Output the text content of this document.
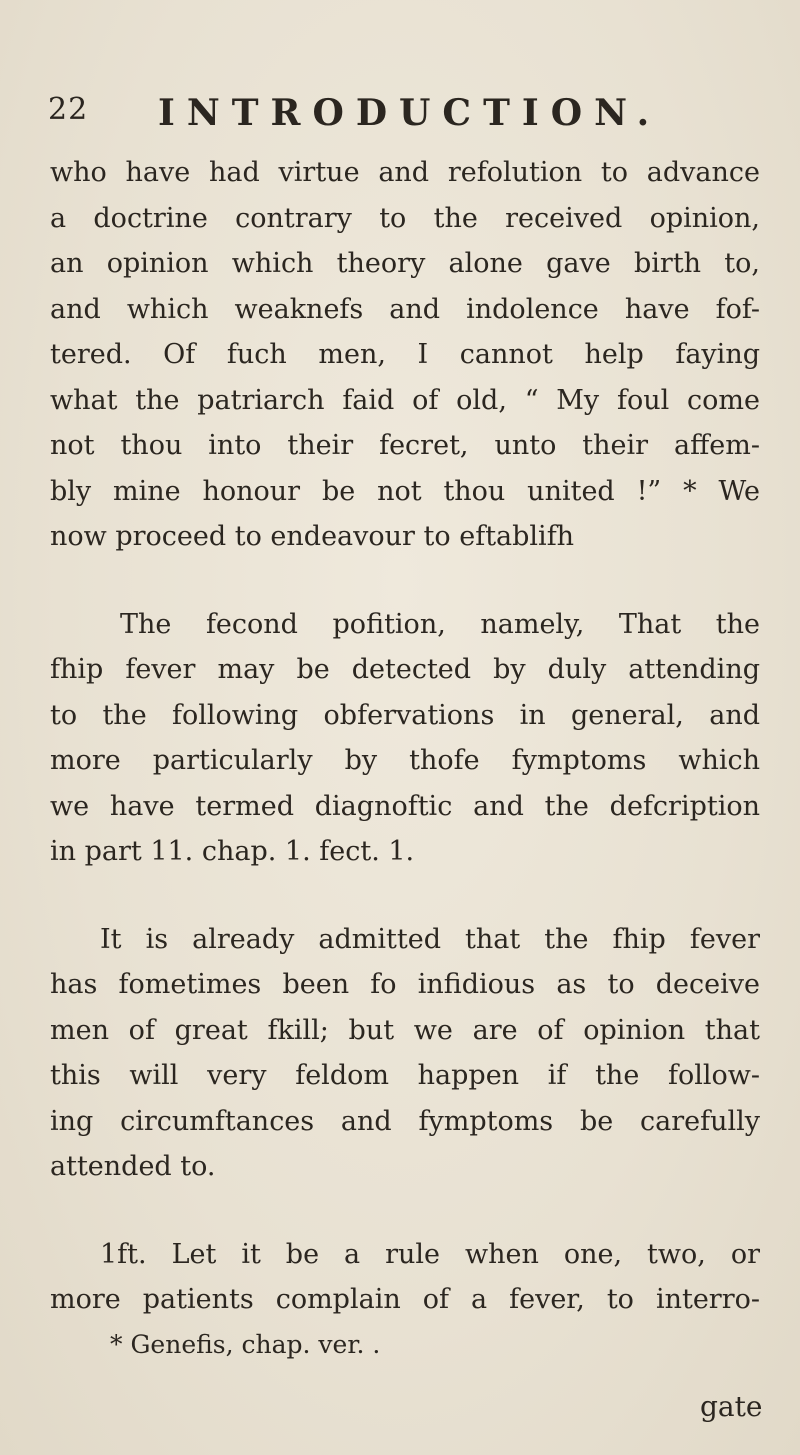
22 INTRODUCTION.
who have had virtue and refolution to advance
a doctrine contrary to the received opinion,
an opinion which theory alone gave birth to,
and which weaknefs and indolence have fof-
tered. Of fuch men, I cannot help faying
what the patriarch faid of old, “ My foul come
not thou into their fecret, unto their affem-
bly mine honour be not thou united !” * We
now proceed to endeavour to eftablifh
The fecond pofition, namely, That the
fhip fever may be detected by duly attending
to the following obfervations in general, and
more particularly by thofe fymptoms which
we have termed diagnoftic and the defcription
in part 11. chap. 1. fect. 1.
It is already admitted that the fhip fever
has fometimes been fo infidious as to deceive
men of great fkill; but we are of opinion that
this will very feldom happen if the follow-
ing circumftances and fymptoms be carefully
attended to.
1ft. Let it be a rule when one, two, or
more patients complain of a fever, to interro-
* Genefis, chap. ver. .
gate
